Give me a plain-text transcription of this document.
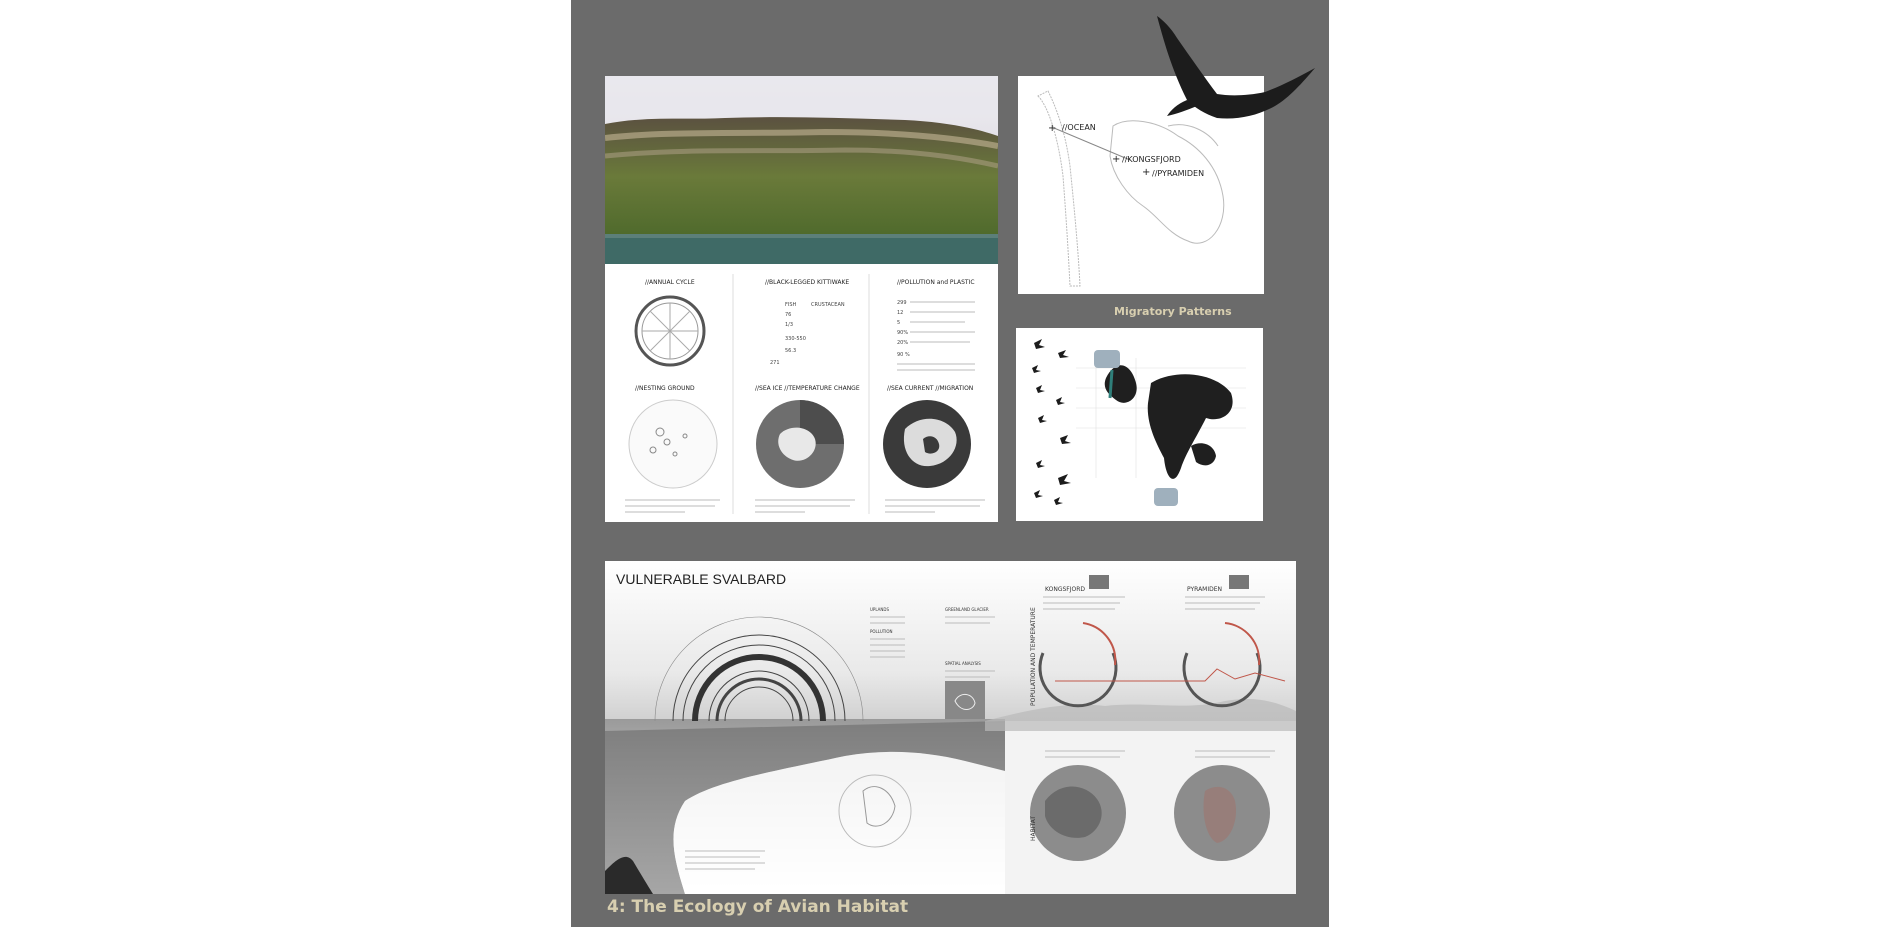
//ANNUAL CYCLE	//BLACK-LEGGED KITTIWAKE	//POLLUTION and PLASTIC
FISH	CRUSTACEAN
76
1/3
330-550
56.3
271
299
12
5
90%
20%
90 %
//NESTING GROUND	//SEA ICE //TEMPERATURE CHANGE	//SEA CURRENT //MIGRATION
+
+
+
//OCEAN
//KONGSFJORD
//PYRAMIDEN
Migratory Patterns
KONGSFJORD	PYRAMIDEN
UPLANDS
POLLUTION
GREENLAND GLACIER
SPATIAL ANALYSIS	POPULATION AND TEMPERATURE
HABITAT
VULNERABLE SVALBARD
4: The Ecology of Avian Habitat
